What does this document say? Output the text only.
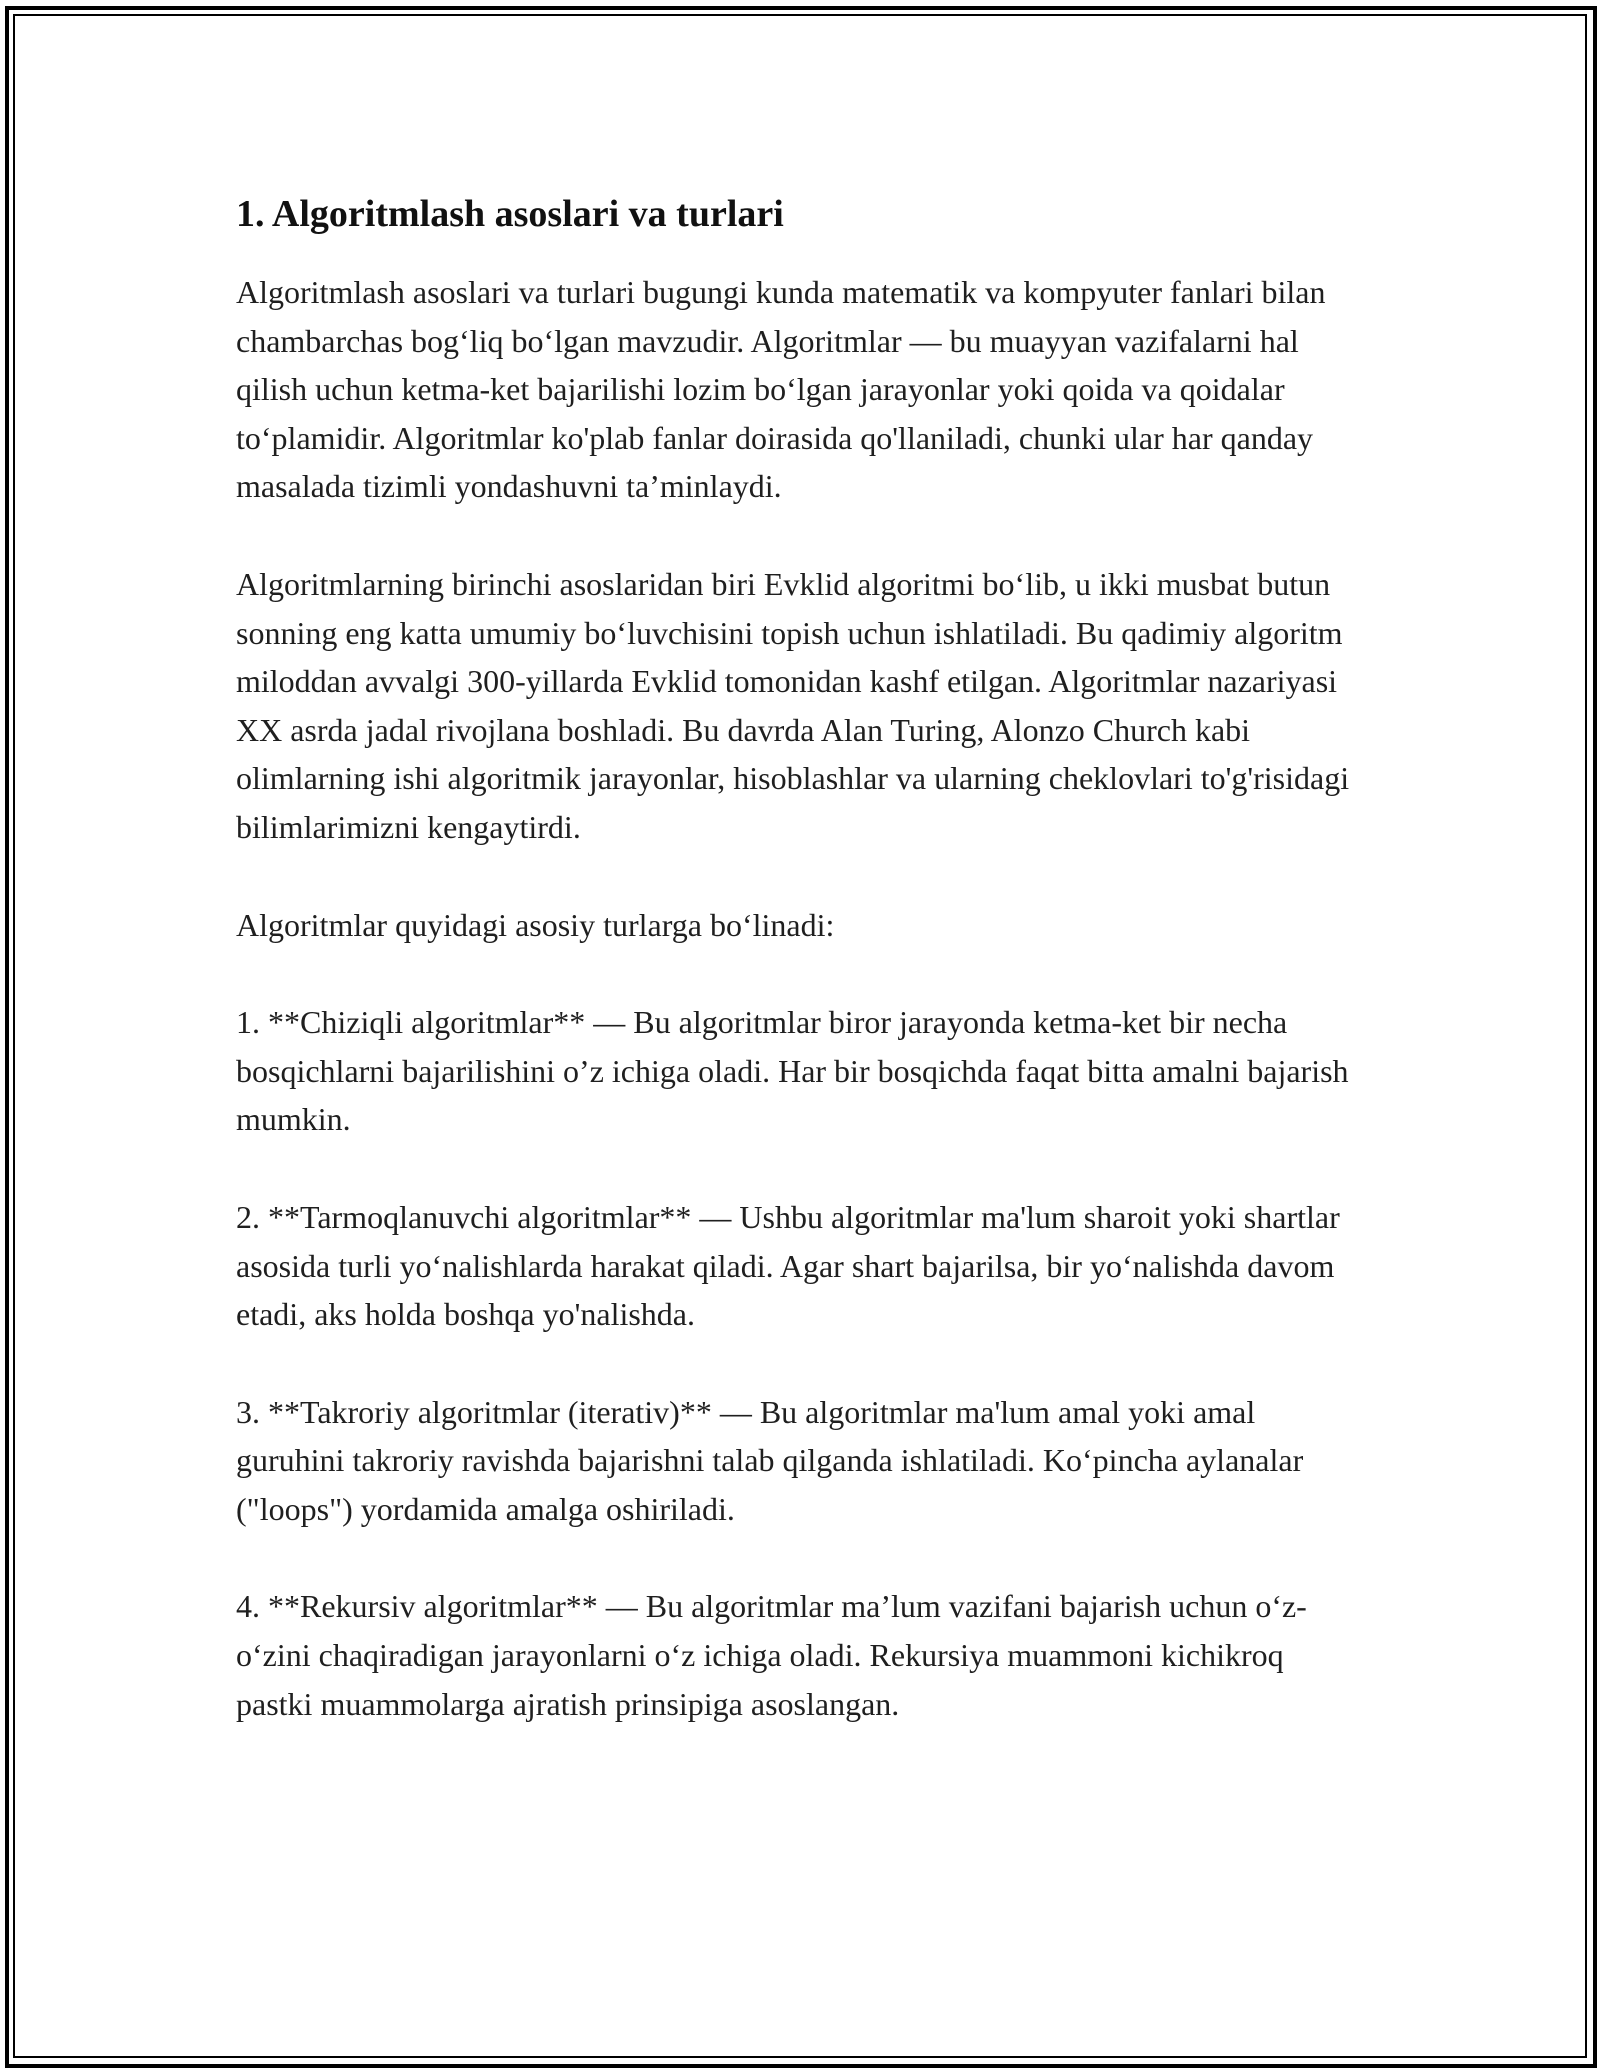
1. Algoritmlash asoslari va turlari

Algoritmlash asoslari va turlari bugungi kunda matematik va kompyuter fanlari bilan chambarchas bog‘liq bo‘lgan mavzudir. Algoritmlar — bu muayyan vazifalarni hal qilish uchun ketma-ket bajarilishi lozim bo‘lgan jarayonlar yoki qoida va qoidalar to‘plamidir. Algoritmlar ko'plab fanlar doirasida qo'llaniladi, chunki ular har qanday masalada tizimli yondashuvni ta’minlaydi.

Algoritmlarning birinchi asoslaridan biri Evklid algoritmi bo‘lib, u ikki musbat butun sonning eng katta umumiy bo‘luvchisini topish uchun ishlatiladi. Bu qadimiy algoritm miloddan avvalgi 300-yillarda Evklid tomonidan kashf etilgan. Algoritmlar nazariyasi XX asrda jadal rivojlana boshladi. Bu davrda Alan Turing, Alonzo Church kabi olimlarning ishi algoritmik jarayonlar, hisoblashlar va ularning cheklovlari to'g'risidagi bilimlarimizni kengaytirdi.

Algoritmlar quyidagi asosiy turlarga bo‘linadi:

1. **Chiziqli algoritmlar** — Bu algoritmlar biror jarayonda ketma-ket bir necha bosqichlarni bajarilishini o’z ichiga oladi. Har bir bosqichda faqat bitta amalni bajarish mumkin.

2. **Tarmoqlanuvchi algoritmlar** — Ushbu algoritmlar ma'lum sharoit yoki shartlar asosida turli yo‘nalishlarda harakat qiladi. Agar shart bajarilsa, bir yo‘nalishda davom etadi, aks holda boshqa yo'nalishda.

3. **Takroriy algoritmlar (iterativ)** — Bu algoritmlar ma'lum amal yoki amal guruhini takroriy ravishda bajarishni talab qilganda ishlatiladi. Ko‘pincha aylanalar ("loops") yordamida amalga oshiriladi.

4. **Rekursiv algoritmlar** — Bu algoritmlar ma’lum vazifani bajarish uchun o‘z-o‘zini chaqiradigan jarayonlarni o‘z ichiga oladi. Rekursiya muammoni kichikroq pastki muammolarga ajratish prinsipiga asoslangan.
